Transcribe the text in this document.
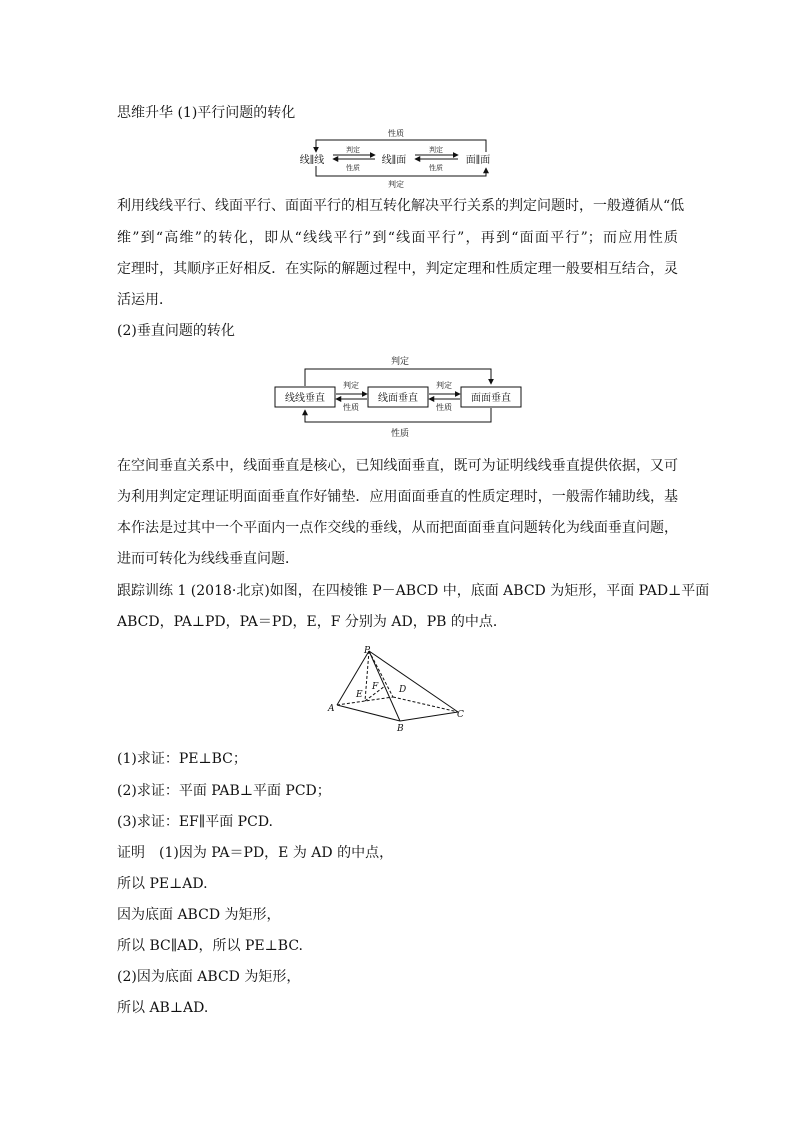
思维升华 (1)平行问题的转化
性质
判定
线∥线	线∥面	面∥面
判定
性质
判定
性质
利用线线平行、线面平行、面面平行的相互转化解决平行关系的判定问题时，一般遵循从“低
维”到“高维”的转化，即从“线线平行”到“线面平行”，再到“面面平行”；而应用性质
定理时，其顺序正好相反．在实际的解题过程中，判定定理和性质定理一般要相互结合，灵
活运用．
(2)垂直问题的转化
判定
性质
线线垂直	线面垂直	面面垂直
判定
性质
判定
性质
在空间垂直关系中，线面垂直是核心，已知线面垂直，既可为证明线线垂直提供依据，又可
为利用判定定理证明面面垂直作好铺垫．应用面面垂直的性质定理时，一般需作辅助线，基
本作法是过其中一个平面内一点作交线的垂线，从而把面面垂直问题转化为线面垂直问题，
进而可转化为线线垂直问题．
跟踪训练 1 (2018·北京)如图，在四棱锥 P－ABCD 中，底面 ABCD 为矩形，平面 PAD⊥平面
ABCD，PA⊥PD，PA＝PD，E，F 分别为 AD，PB 的中点．
P
A
B
C
D
E
F
(1)求证：PE⊥BC；
(2)求证：平面 PAB⊥平面 PCD；
(3)求证：EF∥平面 PCD.
证明　(1)因为 PA＝PD，E 为 AD 的中点，
所以 PE⊥AD.
因为底面 ABCD 为矩形，
所以 BC∥AD，所以 PE⊥BC.
(2)因为底面 ABCD 为矩形，
所以 AB⊥AD.
